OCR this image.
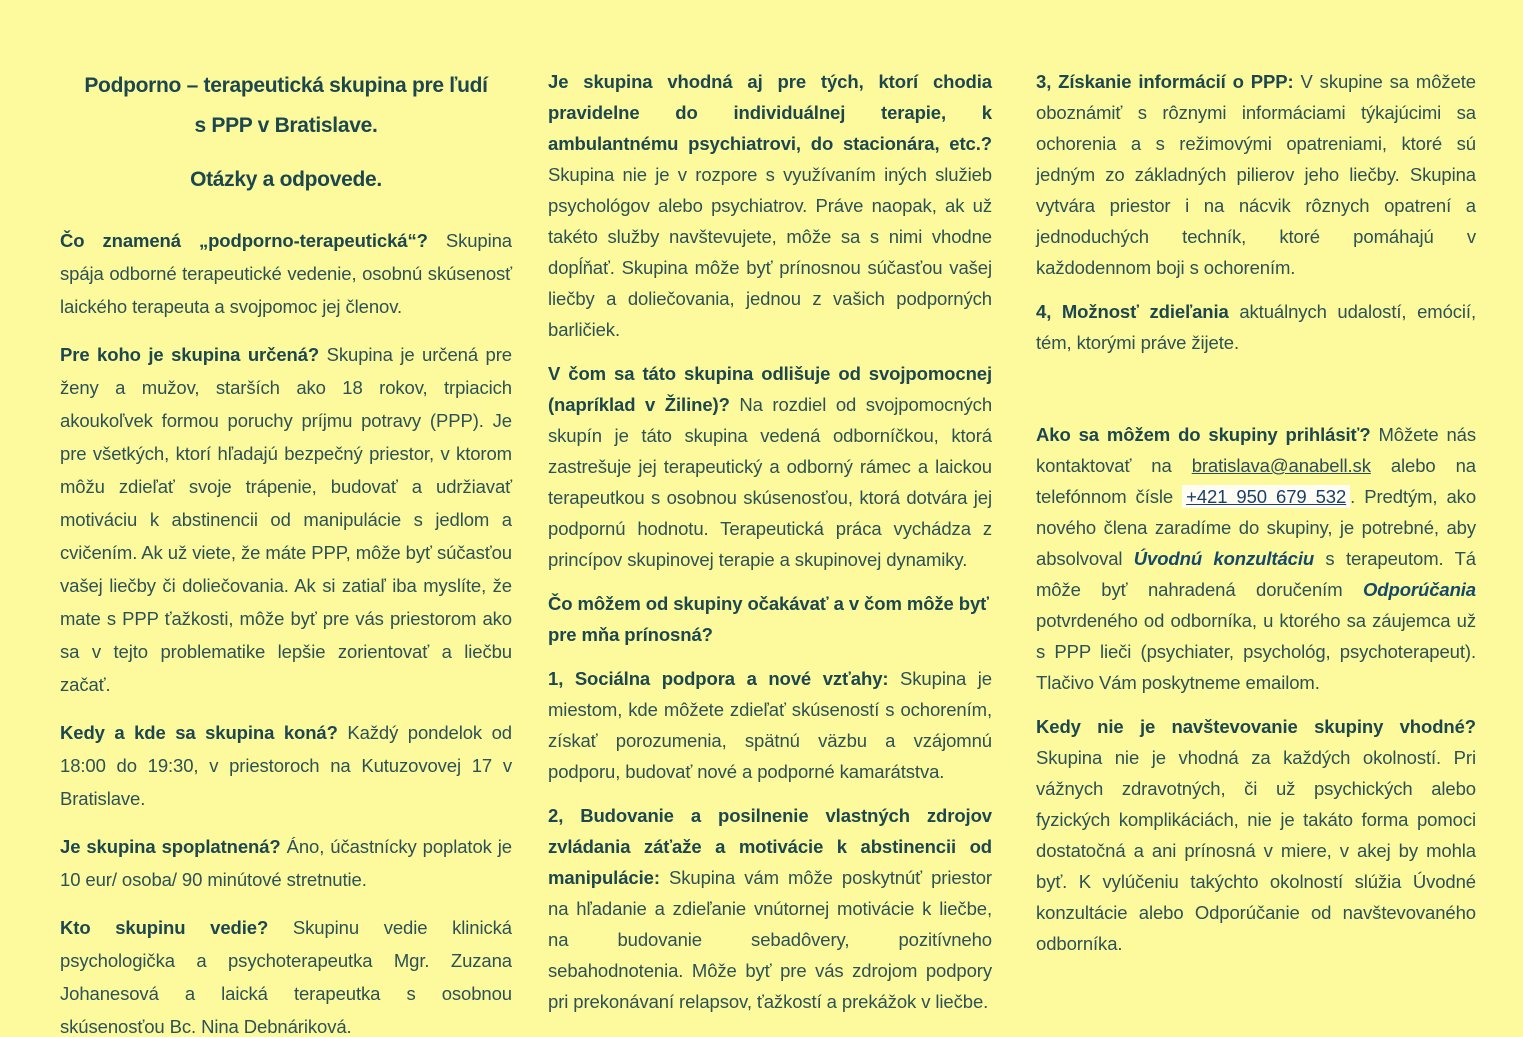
Podporno – terapeutická skupina pre ľudí
s PPP v Bratislave.
Otázky a odpovede.

Čo znamená „podporno-terapeutická“? Skupina spája odborné terapeutické vedenie, osobnú skúsenosť laického terapeuta a svojpomoc jej členov.

Pre koho je skupina určená? Skupina je určená pre ženy a mužov, starších ako 18 rokov, trpiacich akoukoľvek formou poruchy príjmu potravy (PPP). Je pre všetkých, ktorí hľadajú bezpečný priestor, v ktorom môžu zdieľať svoje trápenie, budovať a udržiavať motiváciu k abstinencii od manipulácie s jedlom a cvičením. Ak už viete, že máte PPP, môže byť súčasťou vašej liečby či doliečovania. Ak si zatiaľ iba myslíte, že mate s PPP ťažkosti, môže byť pre vás priestorom ako sa v tejto problematike lepšie zorientovať a liečbu začať.

Kedy a kde sa skupina koná? Každý pondelok od 18:00 do 19:30, v priestoroch na Kutuzovovej 17 v Bratislave.

Je skupina spoplatnená? Áno, účastnícky poplatok je 10 eur/ osoba/ 90 minútové stretnutie.

Kto skupinu vedie? Skupinu vedie klinická psychologička a psychoterapeutka Mgr. Zuzana Johanesová a laická terapeutka s osobnou skúsenosťou Bc. Nina Debnáriková.

Je skupina vhodná aj pre tých, ktorí chodia pravidelne do individuálnej terapie, k ambulantnému psychiatrovi, do stacionára, etc.? Skupina nie je v rozpore s využívaním iných služieb psychológov alebo psychiatrov. Práve naopak, ak už takéto služby navštevujete, môže sa s nimi vhodne dopĺňať. Skupina môže byť prínosnou súčasťou vašej liečby a doliečovania, jednou z vašich podporných barličiek.

V čom sa táto skupina odlišuje od svojpomocnej (napríklad v Žiline)? Na rozdiel od svojpomocných skupín je táto skupina vedená odborníčkou, ktorá zastrešuje jej terapeutický a odborný rámec a laickou terapeutkou s osobnou skúsenosťou, ktorá dotvára jej podpornú hodnotu. Terapeutická práca vychádza z princípov skupinovej terapie a skupinovej dynamiky.

Čo môžem od skupiny očakávať a v čom môže byť pre mňa prínosná?

1, Sociálna podpora a nové vzťahy: Skupina je miestom, kde môžete zdieľať skúseností s ochorením, získať porozumenia, spätnú väzbu a vzájomnú podporu, budovať nové a podporné kamarátstva.

2, Budovanie a posilnenie vlastných zdrojov zvládania záťaže a motivácie k abstinencii od manipulácie: Skupina vám môže poskytnúť priestor na hľadanie a zdieľanie vnútornej motivácie k liečbe, na budovanie sebadôvery, pozitívneho sebahodnotenia. Môže byť pre vás zdrojom podpory pri prekonávaní relapsov, ťažkostí a prekážok v liečbe.

3, Získanie informácií o PPP: V skupine sa môžete oboznámiť s rôznymi informáciami týkajúcimi sa ochorenia a s režimovými opatreniami, ktoré sú jedným zo základných pilierov jeho liečby. Skupina vytvára priestor i na nácvik rôznych opatrení a jednoduchých techník, ktoré pomáhajú v každodennom boji s ochorením.

4, Možnosť zdieľania aktuálnych udalostí, emócií, tém, ktorými práve žijete.

Ako sa môžem do skupiny prihlásiť? Môžete nás kontaktovať na bratislava@anabell.sk alebo na telefónnom čísle +421 950 679 532 . Predtým, ako nového člena zaradíme do skupiny, je potrebné, aby absolvoval Úvodnú konzultáciu s terapeutom. Tá môže byť nahradená doručením Odporúčania potvrdeného od odborníka, u ktorého sa záujemca už s PPP lieči (psychiater, psychológ, psychoterapeut). Tlačivo Vám poskytneme emailom.

Kedy nie je navštevovanie skupiny vhodné? Skupina nie je vhodná za každých okolností. Pri vážnych zdravotných, či už psychických alebo fyzických komplikáciách, nie je takáto forma pomoci dostatočná a ani prínosná v miere, v akej by mohla byť. K vylúčeniu takýchto okolností slúžia Úvodné konzultácie alebo Odporúčanie od navštevovaného odborníka.
